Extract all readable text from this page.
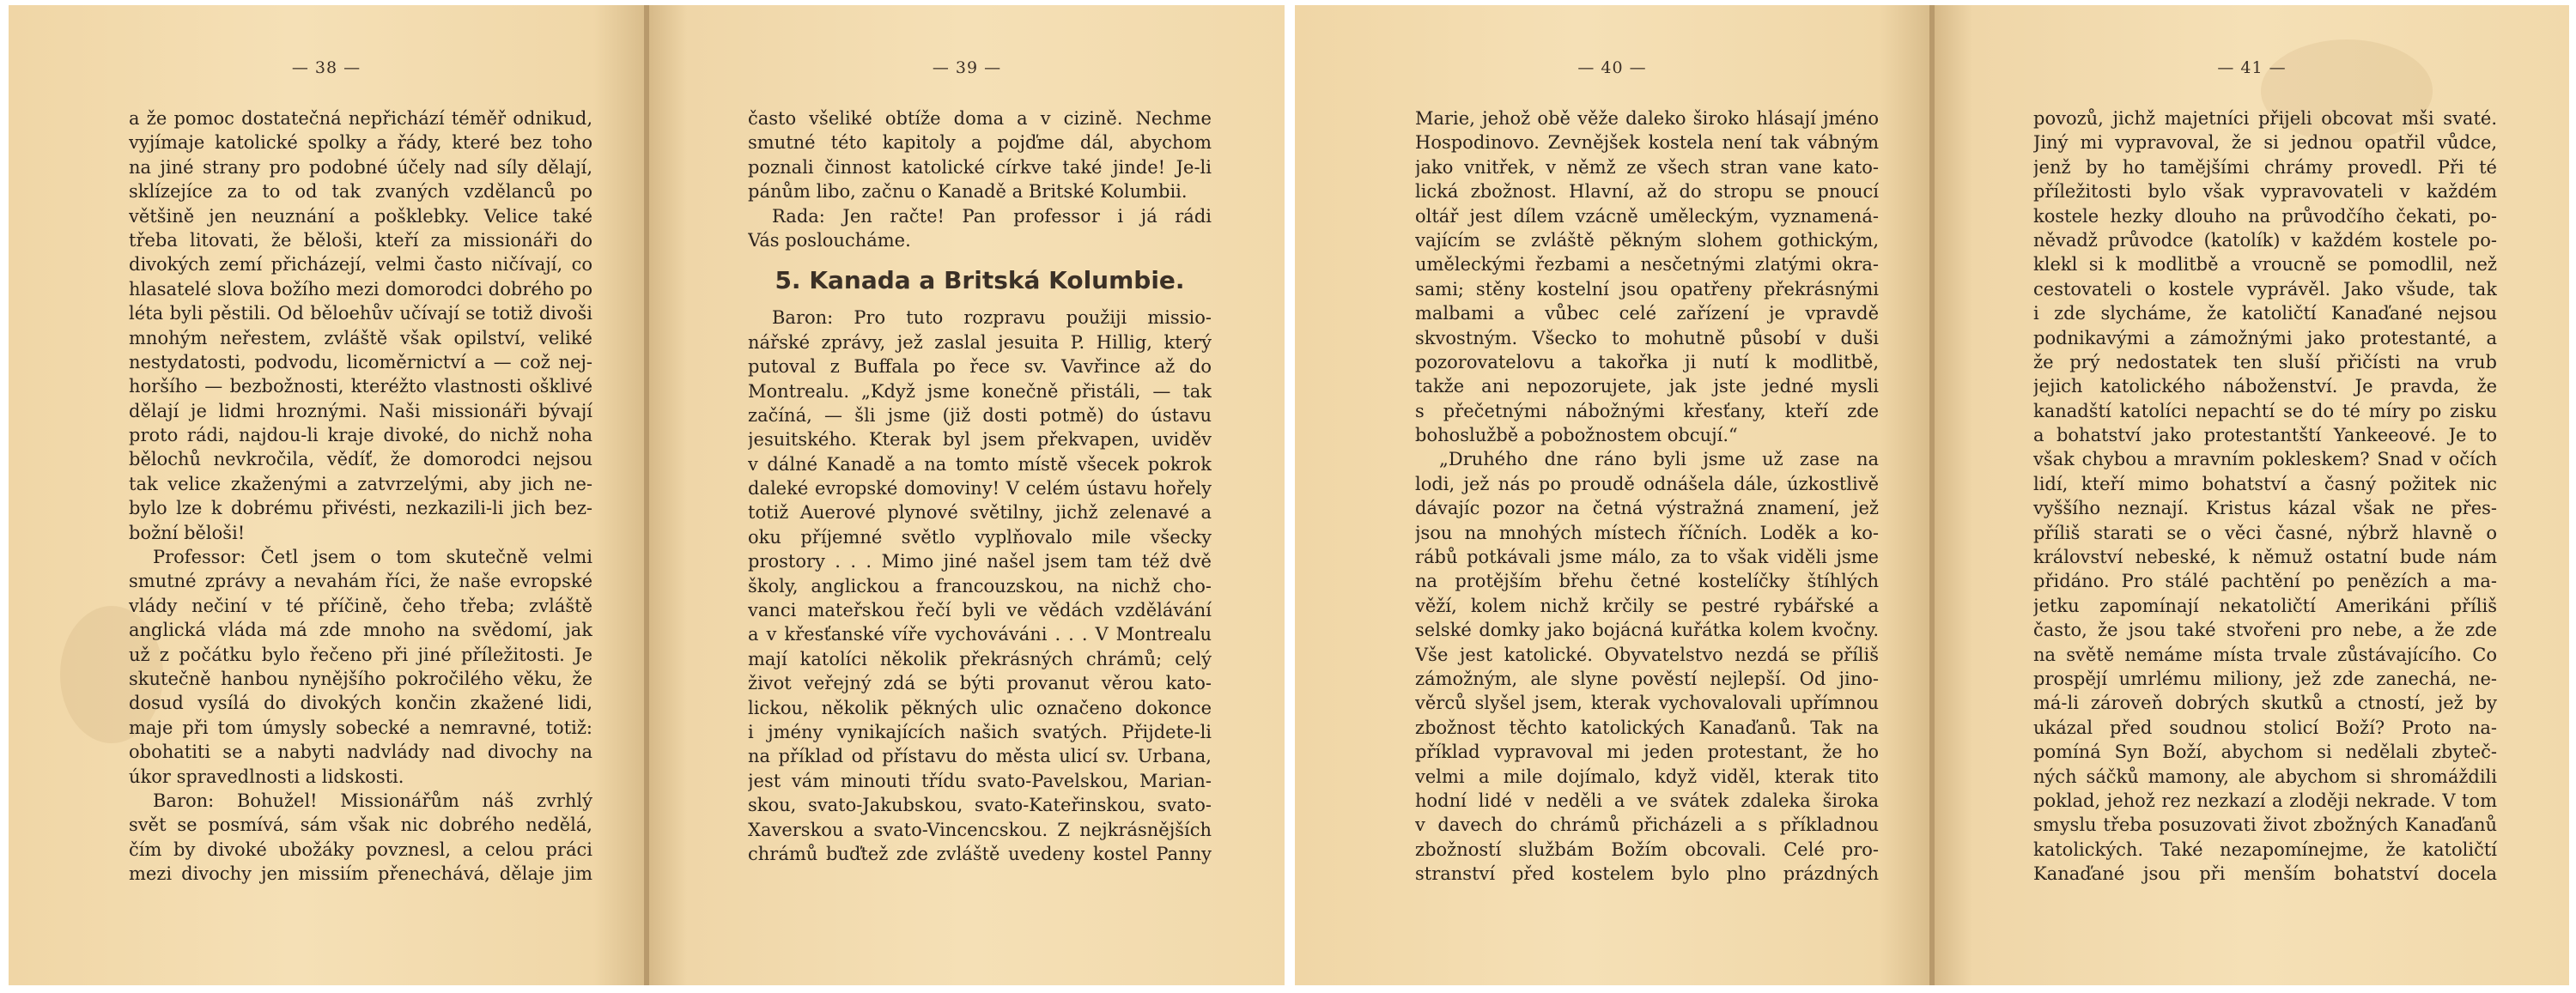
— 38 —
a že pomoc dostatečná nepřichází téměř odnikud,
vyjímaje katolické spolky a řády, které bez toho
na jiné strany pro podobné účely nad síly dělají,
sklízejíce za to od tak zvaných vzdělanců po
většině jen neuznání a pošklebky. Velice také
třeba litovati, že běloši, kteří za missionáři do
divokých zemí přicházejí, velmi často ničívají, co
hlasatelé slova božího mezi domorodci dobrého po
léta byli pěstili. Od běloehův učívají se totiž divoši
mnohým neřestem, zvláště však opilství, veliké
nestydatosti, podvodu, licoměrnictví a — což nej-
horšího — bezbožnosti, kteréžto vlastnosti ošklivé
dělají je lidmi hroznými. Naši missionáři bývají
proto rádi, najdou-li kraje divoké, do nichž noha
bělochů nevkročila, vědíť, že domorodci nejsou
tak velice zkaženými a zatvrzelými, aby jich ne-
bylo lze k dobrému přivésti, nezkazili-li jich bez-
božní běloši!
Professor: Četl jsem o tom skutečně velmi
smutné zprávy a nevahám říci, že naše evropské
vlády nečiní v té příčině, čeho třeba; zvláště
anglická vláda má zde mnoho na svědomí, jak
už z počátku bylo řečeno při jiné příležitosti. Je
skutečně hanbou nynějšího pokročilého věku, že
dosud vysílá do divokých končin zkažené lidi,
maje při tom úmysly sobecké a nemravné, totiž:
obohatiti se a nabyti nadvlády nad divochy na
úkor spravedlnosti a lidskosti.
Baron: Bohužel! Missionářům náš zvrhlý
svět se posmívá, sám však nic dobrého nedělá,
čím by divoké ubožáky povznesl, a celou práci
mezi divochy jen missiím přenechává, dělaje jim
— 39 —
často všeliké obtíže doma a v cizině. Nechme
smutné této kapitoly a pojďme dál, abychom
poznali činnost katolické církve také jinde! Je-li
pánům libo, začnu o Kanadě a Britské Kolumbii.
Rada: Jen račte! Pan professor i já rádi
Vás posloucháme.
5. Kanada a Britská Kolumbie.
Baron: Pro tuto rozpravu použiji missio-
nářské zprávy, jež zaslal jesuita P. Hillig, který
putoval z Buffala po řece sv. Vavřince až do
Montrealu. „Když jsme konečně přistáli, — tak
začíná, — šli jsme (již dosti potmě) do ústavu
jesuitského. Kterak byl jsem překvapen, uviděv
v dálné Kanadě a na tomto místě všecek pokrok
daleké evropské domoviny! V celém ústavu hořely
totiž Auerové plynové světilny, jichž zelenavé a
oku příjemné světlo vyplňovalo mile všecky
prostory . . . Mimo jiné našel jsem tam též dvě
školy, anglickou a francouzskou, na nichž cho-
vanci mateřskou řečí byli ve vědách vzdělávání
a v křesťanské víře vychováváni . . . V Montrealu
mají katolíci několik překrásných chrámů; celý
život veřejný zdá se býti provanut věrou kato-
lickou, několik pěkných ulic označeno dokonce
i jmény vynikajících našich svatých. Přijdete-li
na příklad od přístavu do města ulicí sv. Urbana,
jest vám minouti třídu svato-Pavelskou, Marian-
skou, svato-Jakubskou, svato-Kateřinskou, svato-
Xaverskou a svato-Vincencskou. Z nejkrásnějších
chrámů buďtež zde zvláště uvedeny kostel Panny
— 40 —
Marie, jehož obě věže daleko široko hlásají jméno
Hospodinovo. Zevnějšek kostela není tak vábným
jako vnitřek, v němž ze všech stran vane kato-
lická zbožnost. Hlavní, až do stropu se pnoucí
oltář jest dílem vzácně uměleckým, vyznamená-
vajícím se zvláště pěkným slohem gothickým,
uměleckými řezbami a nesčetnými zlatými okra-
sami; stěny kostelní jsou opatřeny překrásnými
malbami a vůbec celé zařízení je vpravdě
skvostným. Všecko to mohutně působí v duši
pozorovatelovu a takořka ji nutí k modlitbě,
takže ani nepozorujete, jak jste jedné mysli
s přečetnými nábožnými křesťany, kteří zde
bohoslužbě a pobožnostem obcují.“
„Druhého dne ráno byli jsme už zase na
lodi, jež nás po proudě odnášela dále, úzkostlivě
dávajíc pozor na četná výstražná znamení, jež
jsou na mnohých místech říčních. Loděk a ko-
rábů potkávali jsme málo, za to však viděli jsme
na protějším břehu četné kostelíčky štíhlých
věží, kolem nichž krčily se pestré rybářské a
selské domky jako bojácná kuřátka kolem kvočny.
Vše jest katolické. Obyvatelstvo nezdá se příliš
zámožným, ale slyne pověstí nejlepší. Od jino-
věrců slyšel jsem, kterak vychovalovali upřímnou
zbožnost těchto katolických Kanaďanů. Tak na
příklad vypravoval mi jeden protestant, že ho
velmi a mile dojímalo, když viděl, kterak tito
hodní lidé v neděli a ve svátek zdaleka široka
v davech do chrámů přicházeli a s příkladnou
zbožností službám Božím obcovali. Celé pro-
stranství před kostelem bylo plno prázdných
— 41 —
povozů, jichž majetníci přijeli obcovat mši svaté.
Jiný mi vypravoval, že si jednou opatřil vůdce,
jenž by ho tamějšími chrámy provedl. Při té
příležitosti bylo však vypravovateli v každém
kostele hezky dlouho na průvodčího čekati, po-
něvadž průvodce (katolík) v každém kostele po-
klekl si k modlitbě a vroucně se pomodlil, než
cestovateli o kostele vyprávěl. Jako všude, tak
i zde slycháme, že katoličtí Kanaďané nejsou
podnikavými a zámožnými jako protestanté, a
že prý nedostatek ten sluší přičísti na vrub
jejich katolického náboženství. Je pravda, že
kanadští katolíci nepachtí se do té míry po zisku
a bohatství jako protestantští Yankeeové. Je to
však chybou a mravním pokleskem? Snad v očích
lidí, kteří mimo bohatství a časný požitek nic
vyššího neznají. Kristus kázal však ne přes-
příliš starati se o věci časné, nýbrž hlavně o
království nebeské, k němuž ostatní bude nám
přidáno. Pro stálé pachtění po penězích a ma-
jetku zapomínají nekatoličtí Amerikáni příliš
často, že jsou také stvořeni pro nebe, a že zde
na světě nemáme místa trvale zůstávajícího. Co
prospějí umrlému miliony, jež zde zanechá, ne-
má-li zároveň dobrých skutků a ctností, jež by
ukázal před soudnou stolicí Boží? Proto na-
pomíná Syn Boží, abychom si nedělali zbyteč-
ných sáčků mamony, ale abychom si shromáždili
poklad, jehož rez nezkazí a zloději nekrade. V tom
smyslu třeba posuzovati život zbožných Kanaďanů
katolických. Také nezapomínejme, že katoličtí
Kanaďané jsou při menším bohatství docela
